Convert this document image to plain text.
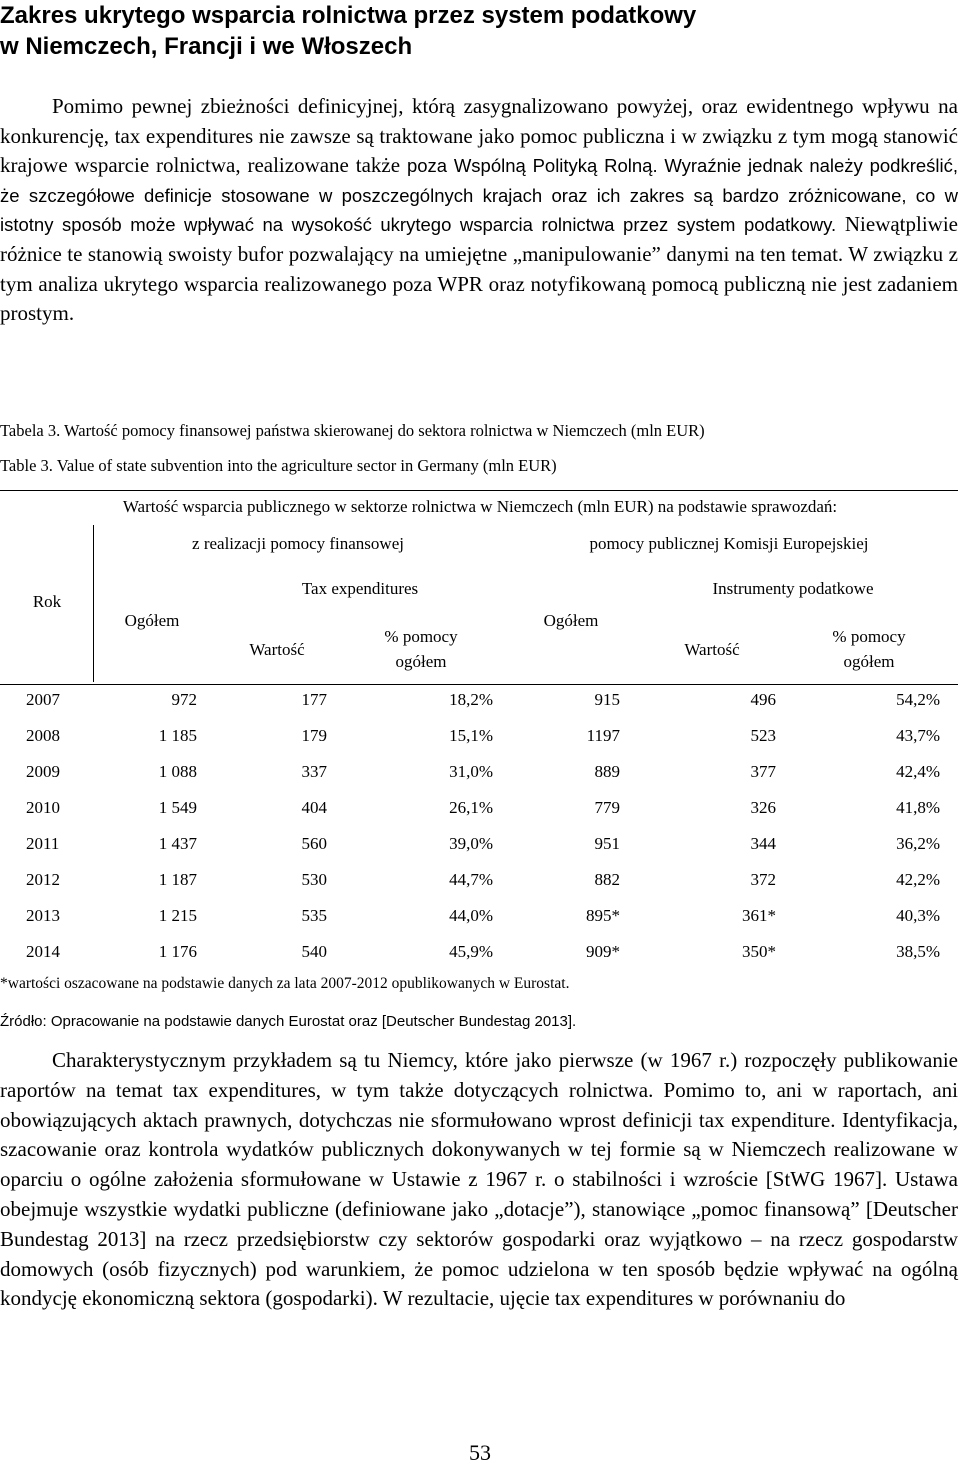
Zakres ukrytego wsparcia rolnictwa przez system podatkowy
w Niemczech, Francji i we Włoszech

Pomimo pewnej zbieżności definicyjnej, którą zasygnalizowano powyżej, oraz ewidentnego wpływu na konkurencję, tax expenditures nie zawsze są traktowane jako pomoc publiczna i w związku z tym mogą stanowić krajowe wsparcie rolnictwa, realizowane także poza Wspólną Polityką Rolną. Wyraźnie jednak należy podkreślić, że szczegółowe definicje stosowane w poszczególnych krajach oraz ich zakres są bardzo zróżnicowane, co w istotny sposób może wpływać na wysokość ukrytego wsparcia rolnictwa przez system podatkowy. Niewątpliwie różnice te stanowią swoisty bufor pozwalający na umiejętne „manipulowanie” danymi na ten temat. W związku z tym analiza ukrytego wsparcia realizowanego poza WPR oraz notyfikowaną pomocą publiczną nie jest zadaniem prostym.

Tabela 3. Wartość pomocy finansowej państwa skierowanej do sektora rolnictwa w Niemczech (mln EUR)
Table 3. Value of state subvention into the agriculture sector in Germany (mln EUR)
Wartość wsparcia publicznego w sektorze rolnictwa w Niemczech (mln EUR) na podstawie sprawozdań:
z realizacji pomocy finansowej	pomocy publicznej Komisji Europejskiej
Rok
Tax expenditures	Instrumenty podatkowe
Ogółem	Ogółem
Wartość	Wartość
% pomocy
ogółem
% pomocy
ogółem
2007	972	177	18,2%	915	496	54,2%
2008	1 185	179	15,1%	1197	523	43,7%
2009	1 088	337	31,0%	889	377	42,4%
2010	1 549	404	26,1%	779	326	41,8%
2011	1 437	560	39,0%	951	344	36,2%
2012	1 187	530	44,7%	882	372	42,2%
2013	1 215	535	44,0%	895*	361*	40,3%
2014	1 176	540	45,9%	909*	350*	38,5%
*wartości oszacowane na podstawie danych za lata 2007-2012 opublikowanych w Eurostat.
Źródło: Opracowanie na podstawie danych Eurostat oraz [Deutscher Bundestag 2013].

Charakterystycznym przykładem są tu Niemcy, które jako pierwsze (w 1967 r.) rozpoczęły publikowanie raportów na temat tax expenditures, w tym także dotyczących rolnictwa. Pomimo to, ani w raportach, ani obowiązujących aktach prawnych, dotychczas nie sformułowano wprost definicji tax expenditure. Identyfikacja, szacowanie oraz kontrola wydatków publicznych dokonywanych w tej formie są w Niemczech realizowane w oparciu o ogólne założenia sformułowane w Ustawie z 1967 r. o stabilności i wzroście [StWG 1967]. Ustawa obejmuje wszystkie wydatki publiczne (definiowane jako „dotacje”), stanowiące „pomoc finansową” [Deutscher Bundestag 2013] na rzecz przedsiębiorstw czy sektorów gospodarki oraz wyjątkowo – na rzecz gospodarstw domowych (osób fizycznych) pod warunkiem, że pomoc udzielona w ten sposób będzie wpływać na ogólną kondycję ekonomiczną sektora (gospodarki). W rezultacie, ujęcie tax expenditures w porównaniu do

53
